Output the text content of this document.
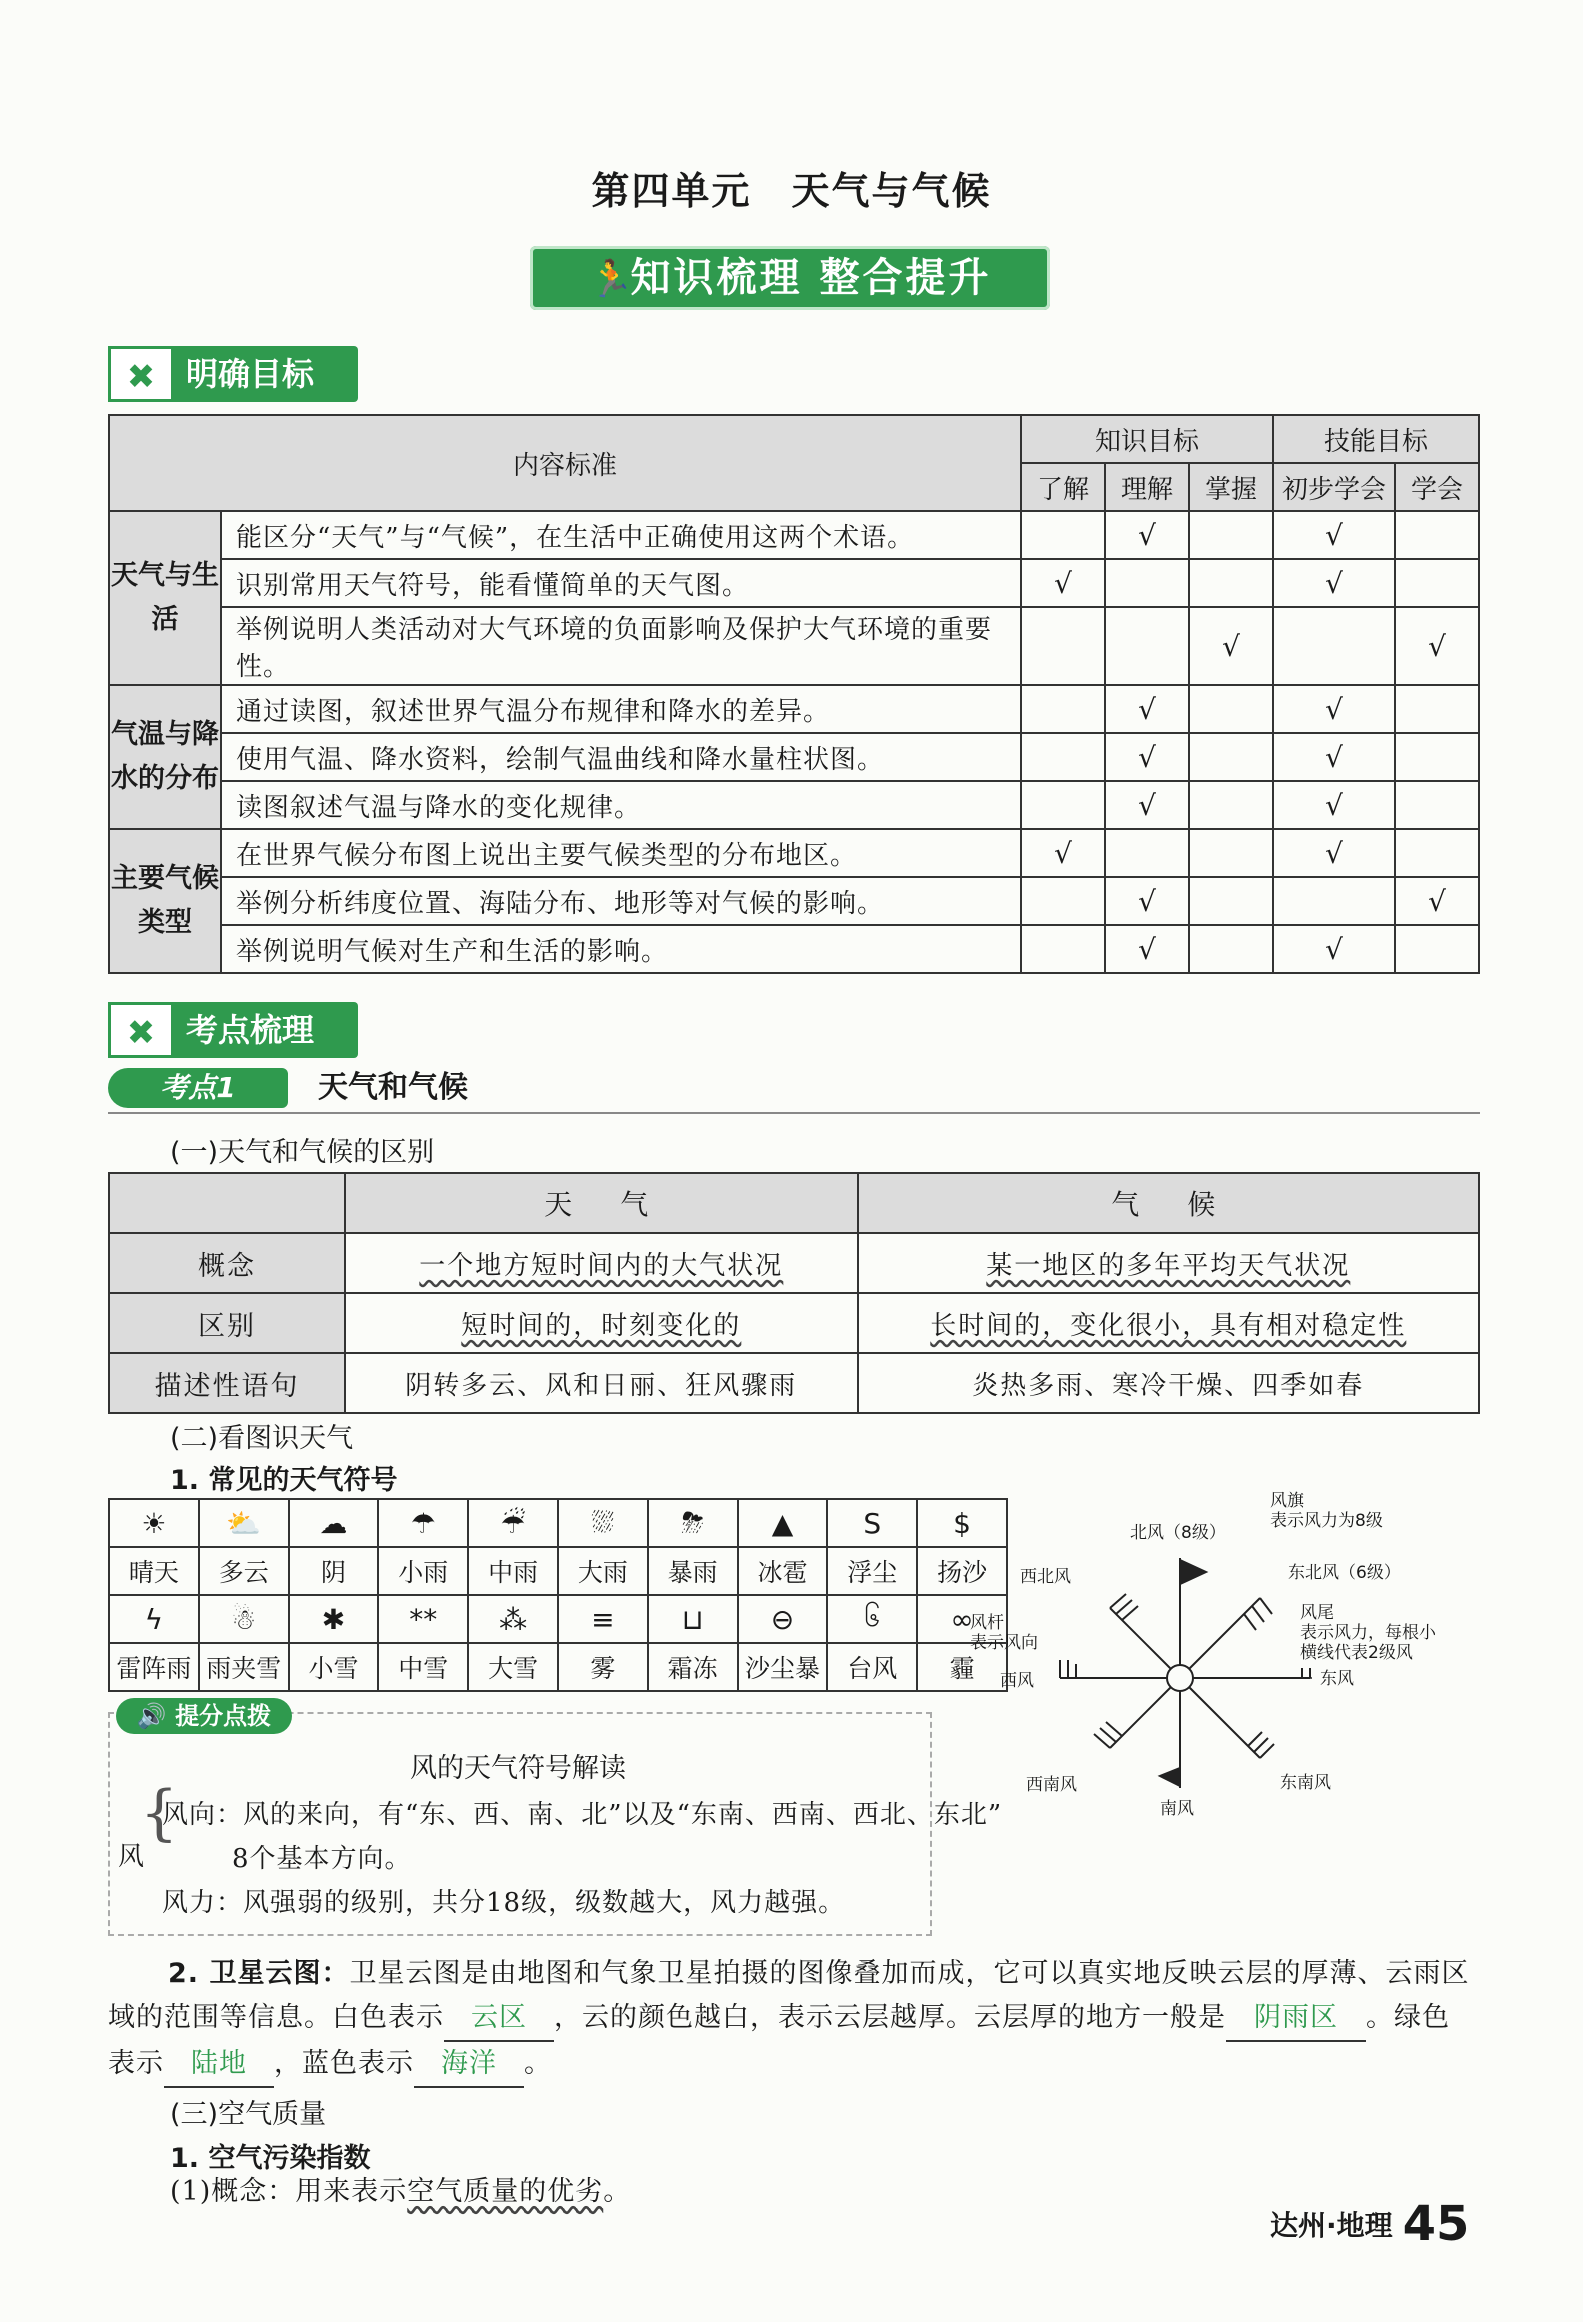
第四单元　天气与气候
🏃知识梳理 整合提升
✖ 明确目标
内容标准		知识目标			技能目标	
		了解	理解	掌握	初步学会	学会
天气与生活	能区分“天气”与“气候”，在生活中正确使用这两个术语。		√		√	
	识别常用天气符号，能看懂简单的天气图。	√			√	
	举例说明人类活动对大气环境的负面影响及保护大气环境的重要性。			√		√
气温与降水的分布	通过读图，叙述世界气温分布规律和降水的差异。		√		√	
	使用气温、降水资料，绘制气温曲线和降水量柱状图。		√		√	
	读图叙述气温与降水的变化规律。		√		√	
主要气候类型	在世界气候分布图上说出主要气候类型的分布地区。	√			√	
	举例分析纬度位置、海陆分布、地形等对气候的影响。		√			√
	举例说明气候对生产和生活的影响。		√		√	
✖ 考点梳理
考点1	天气和气候
(一)天气和气候的区别
	天　气	气　候
概念	一个地方短时间内的大气状况	某一地区的多年平均天气状况
区别	短时间的，时刻变化的	长时间的，变化很小，具有相对稳定性
描述性语句	阴转多云、风和日丽、狂风骤雨	炎热多雨、寒冷干燥、四季如春
(二)看图识天气
1. 常见的天气符号
☀	⛅	☁	☂	☔	⛆	⛈	▲	S	$
晴天	多云	阴	小雨	中雨	大雨	暴雨	冰雹	浮尘	扬沙
ϟ	☃	✱	**	⁂	≡	⊔	⊖	၆	∞
雷阵雨	雨夹雪	小雪	中雪	大雪	雾	霜冻	沙尘暴	台风	霾
🔊 提分点拨
风的天气符号解读
风
{
风向：风的来向，有“东、西、南、北”以及“东南、西南、西北、东北”
8个基本方向。
风力：风强弱的级别，共分18级，级数越大，风力越强。
北风（8级）
风旗
表示风力为8级
西北风	东北风（6级）
风尾
表示风力，每根小
横线代表2级风
风杆
表示风向
西风	东风
西南风	东南风
南风
2. 卫星云图：卫星云图是由地图和气象卫星拍摄的图像叠加而成，它可以真实地反映云层的厚薄、云雨区
域的范围等信息。白色表示 云区 ，云的颜色越白，表示云层越厚。云层厚的地方一般是 阴雨区 。绿色
表示 陆地 ，蓝色表示 海洋 。
(三)空气质量
1. 空气污染指数
(1)概念：用来表示空气质量的优劣。
达州·地理 45
